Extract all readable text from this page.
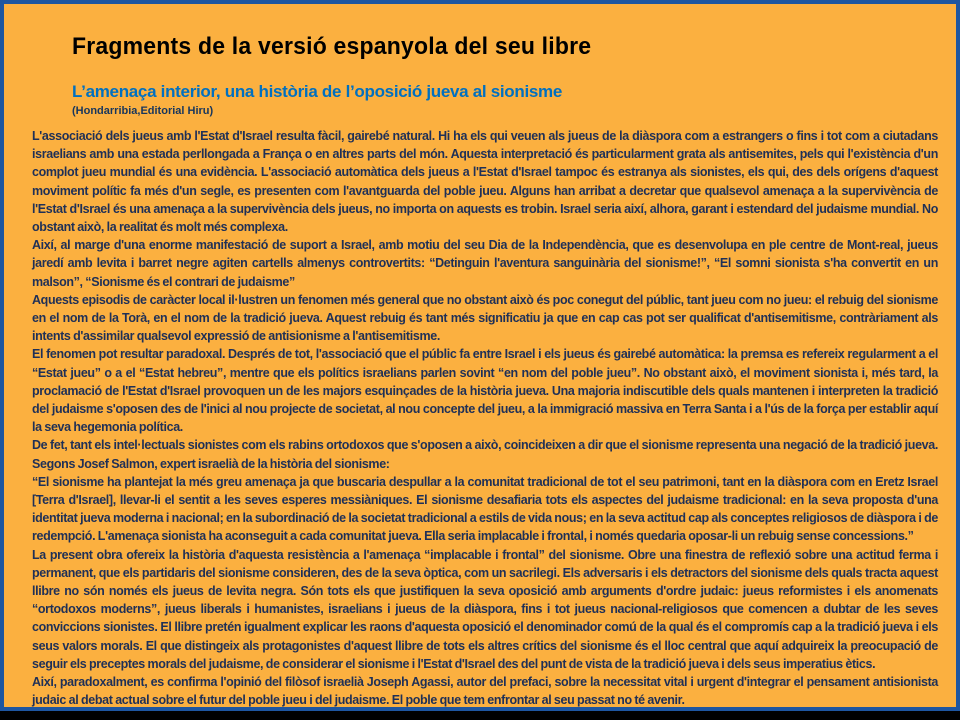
Fragments de la versió espanyola del seu libre
L’amenaça interior, una història de l’oposició jueva al sionisme
(Hondarribia,Editorial Hiru)

L'associació dels jueus amb l'Estat d'Israel resulta fàcil, gairebé natural. Hi ha els qui veuen als jueus de la diàspora com a estrangers o fins i tot com a ciutadans israelians amb una estada perllongada a França o en altres parts del món. Aquesta interpretació és particularment grata als antisemites, pels qui l'existència d'un complot jueu mundial és una evidència. L'associació automàtica dels jueus a l'Estat d'Israel tampoc és estranya als sionistes, els qui, des dels orígens d'aquest moviment polític fa més d'un segle, es presenten com l'avantguarda del poble jueu. Alguns han arribat a decretar que qualsevol amenaça a la supervivència de l'Estat d'Israel és una amenaça a la supervivència dels jueus, no importa on aquests es trobin. Israel seria així, alhora, garant i estendard del judaisme mundial. No obstant això, la realitat és molt més complexa.

Així, al marge d'una enorme manifestació de suport a Israel, amb motiu del seu Dia de la Independència, que es desenvolupa en ple centre de Mont-real, jueus jaredí amb levita i barret negre agiten cartells almenys controvertits: “Detinguin l'aventura sanguinària del sionisme!”, “El somni sionista s'ha convertit en un malson”, “Sionisme és el contrari de judaisme”

Aquests episodis de caràcter local il·lustren un fenomen més general que no obstant això és poc conegut del públic, tant jueu com no jueu: el rebuig del sionisme en el nom de la Torà, en el nom de la tradició jueva. Aquest rebuig és tant més significatiu ja que en cap cas pot ser qualificat d'antisemitisme, contràriament als intents d'assimilar qualsevol expressió de antisionisme a l'antisemitisme.

El fenomen pot resultar paradoxal. Després de tot, l'associació que el públic fa entre Israel i els jueus és gairebé automàtica: la premsa es refereix regularment a el “Estat jueu” o a el “Estat hebreu”, mentre que els polítics israelians parlen sovint “en nom del poble jueu”. No obstant això, el moviment sionista i, més tard, la proclamació de l'Estat d'Israel provoquen un de les majors esquinçades de la història jueva. Una majoria indiscutible dels quals mantenen i interpreten la tradició del judaisme s'oposen des de l'inici al nou projecte de societat, al nou concepte del jueu, a la immigració massiva en Terra Santa i a l'ús de la força per establir aquí la seva hegemonia política.

De fet, tant els intel·lectuals sionistes com els rabins ortodoxos que s'oposen a això, coincideixen a dir que el sionisme representa una negació de la tradició jueva. Segons Josef Salmon, expert israelià de la història del sionisme:

“El sionisme ha plantejat la més greu amenaça ja que buscaria despullar a la comunitat tradicional de tot el seu patrimoni, tant en la diàspora com en Eretz Israel [Terra d'Israel], llevar-li el sentit a les seves esperes messiàniques. El sionisme desafiaria tots els aspectes del judaisme tradicional: en la seva proposta d'una identitat jueva moderna i nacional; en la subordinació de la societat tradicional a estils de vida nous; en la seva actitud cap als conceptes religiosos de diàspora i de redempció. L'amenaça sionista ha aconseguit a cada comunitat jueva. Ella seria implacable i frontal, i només quedaria oposar-li un rebuig sense concessions.”

La present obra ofereix la història d'aquesta resistència a l'amenaça “implacable i frontal” del sionisme. Obre una finestra de reflexió sobre una actitud ferma i permanent, que els partidaris del sionisme consideren, des de la seva òptica, com un sacrilegi. Els adversaris i els detractors del sionisme dels quals tracta aquest llibre no són només els jueus de levita negra. Són tots els que justifiquen la seva oposició amb arguments d'ordre judaic: jueus reformistes i els anomenats “ortodoxos moderns”, jueus liberals i humanistes, israelians i jueus de la diàspora, fins i tot jueus nacional-religiosos que comencen a dubtar de les seves conviccions sionistes. El llibre pretén igualment explicar les raons d'aquesta oposició el denominador comú de la qual és el compromís cap a la tradició jueva i els seus valors morals. El que distingeix als protagonistes d'aquest llibre de tots els altres crítics del sionisme és el lloc central que aquí adquireix la preocupació de seguir els preceptes morals del judaisme, de considerar el sionisme i l'Estat d'Israel des del punt de vista de la tradició jueva i dels seus imperatius ètics.

Així, paradoxalment, es confirma l'opinió del filòsof israelià Joseph Agassi, autor del prefaci, sobre la necessitat vital i urgent d'integrar el pensament antisionista judaic al debat actual sobre el futur del poble jueu i del judaisme. El poble que tem enfrontar al seu passat no té avenir.
